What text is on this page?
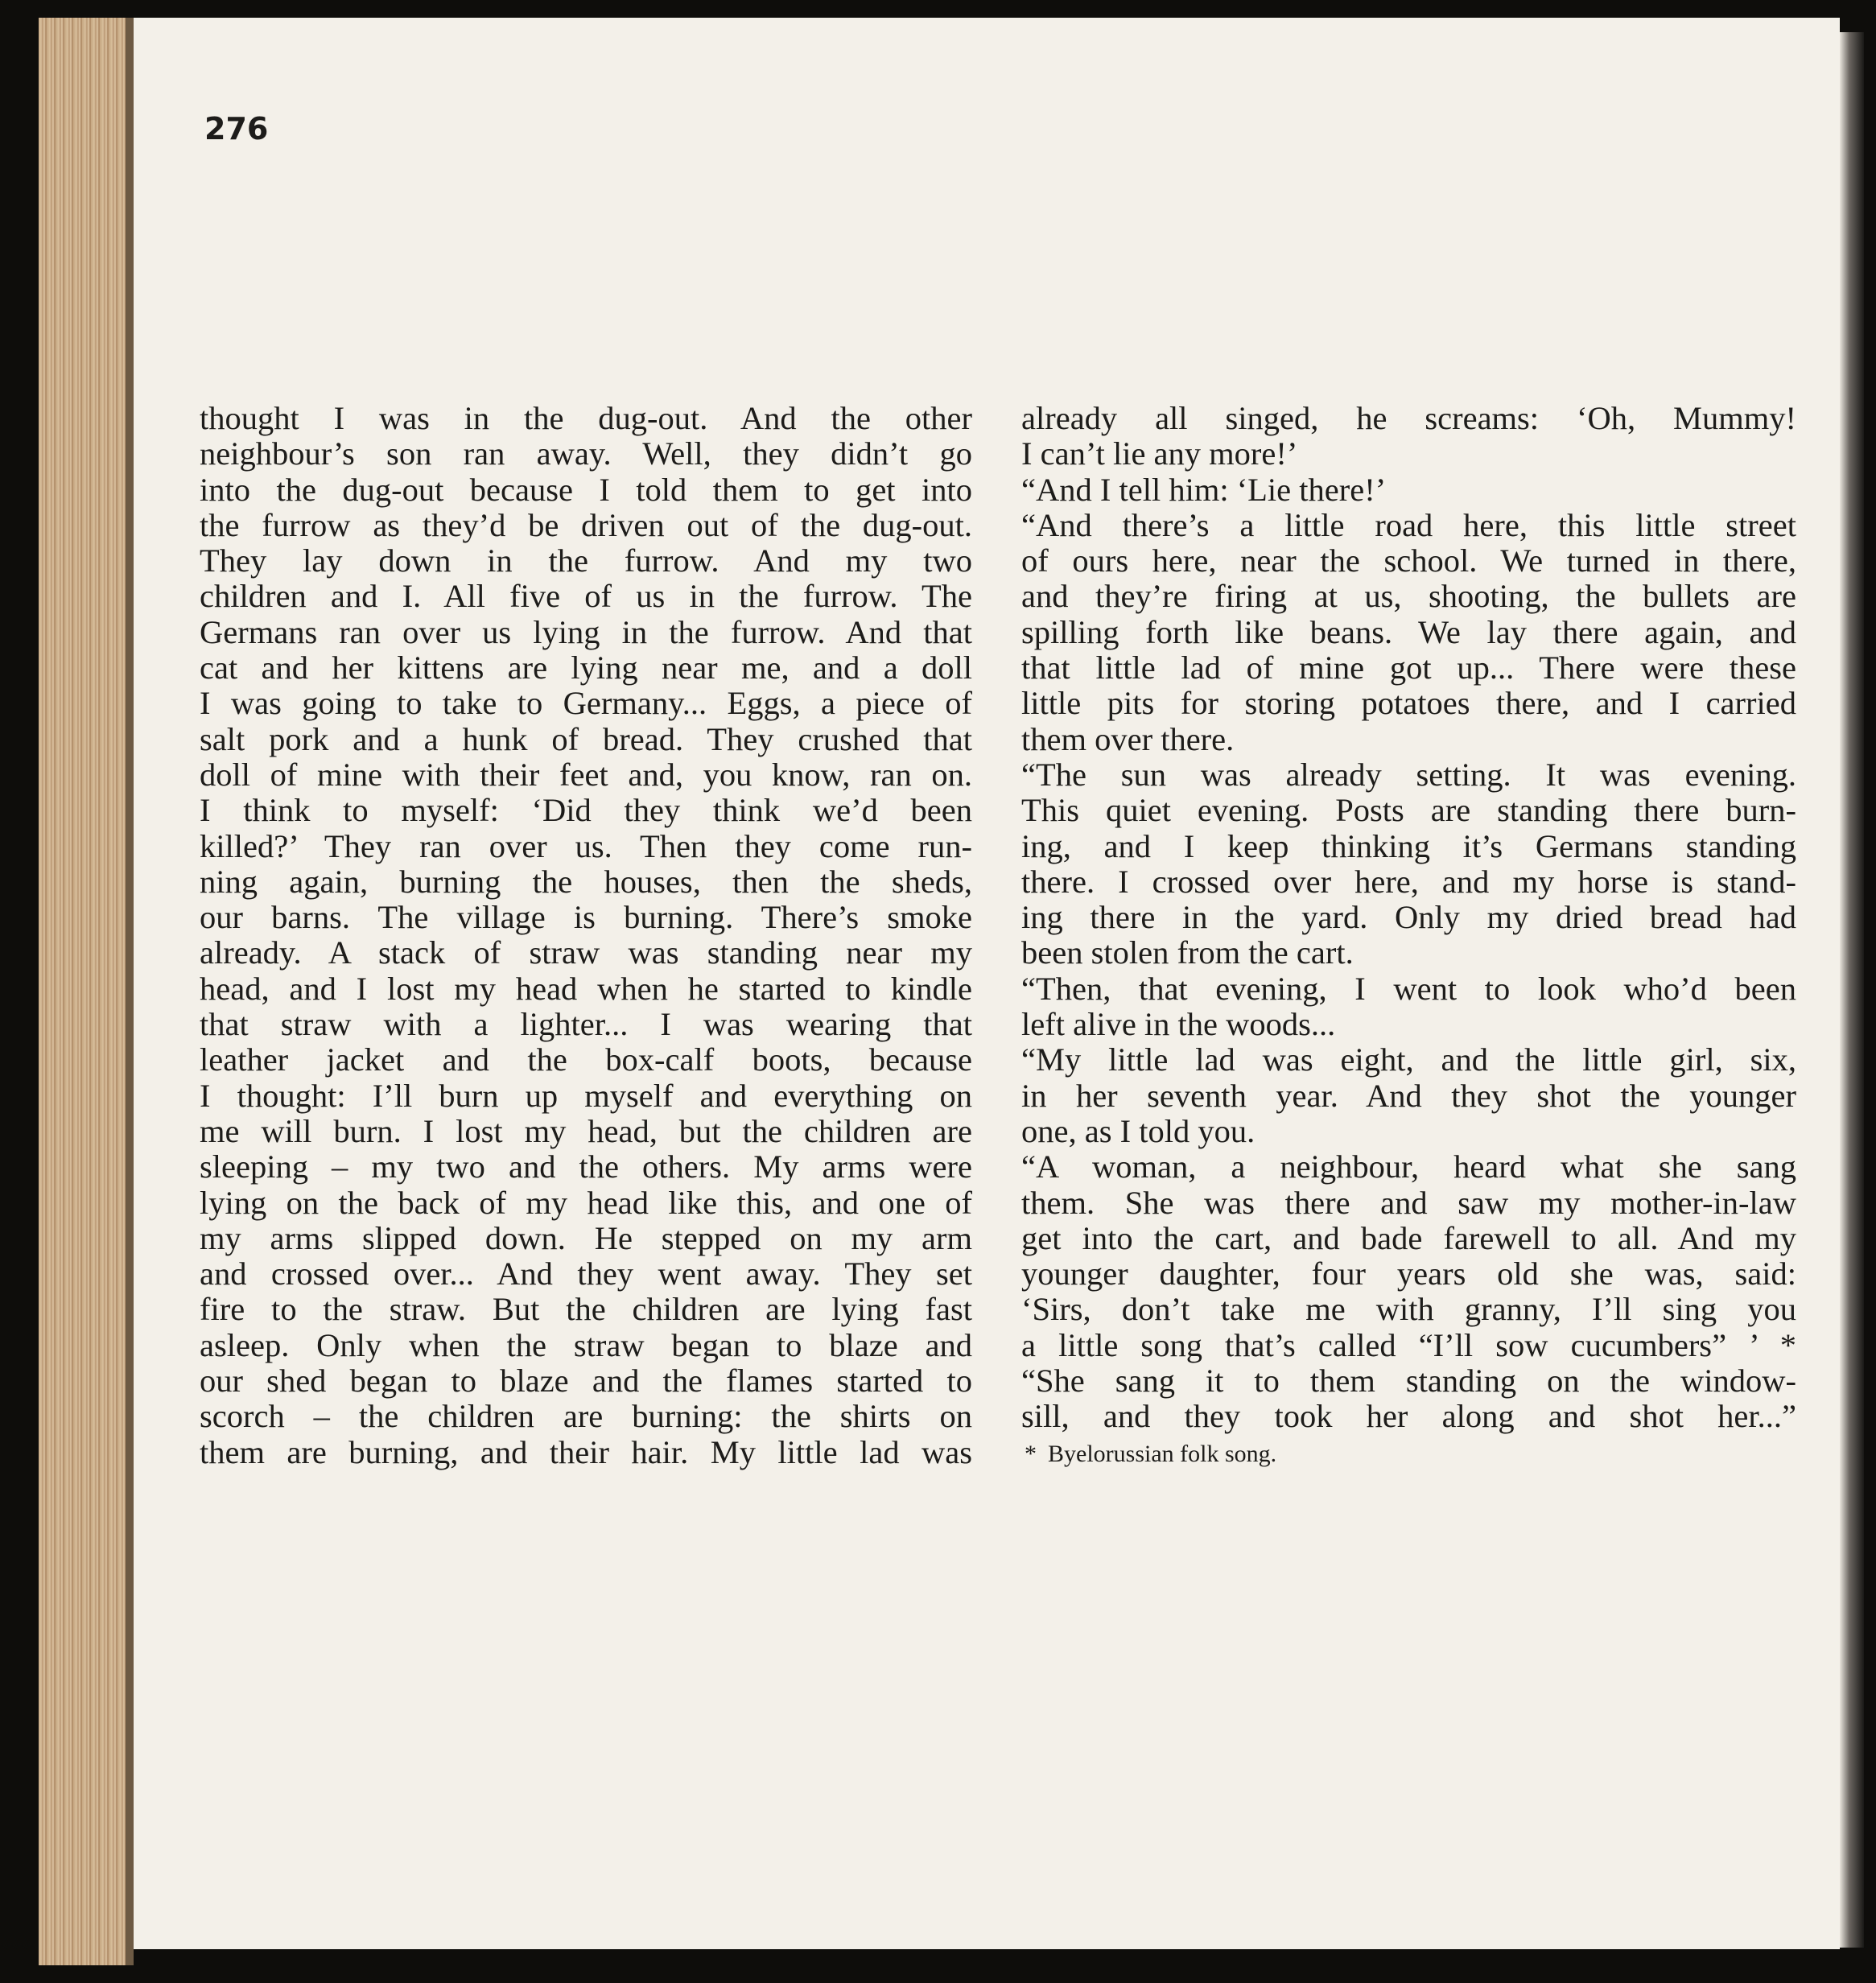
276

thought I was in the dug-out. And the other
neighbour’s son ran away. Well, they didn’t go
into the dug-out because I told them to get into
the furrow as they’d be driven out of the dug-out.
They lay down in the furrow. And my two
children and I. All five of us in the furrow. The
Germans ran over us lying in the furrow. And that
cat and her kittens are lying near me, and a doll
I was going to take to Germany... Eggs, a piece of
salt pork and a hunk of bread. They crushed that
doll of mine with their feet and, you know, ran on.
I think to myself: ‘Did they think we’d been
killed?’ They ran over us. Then they come run-
ning again, burning the houses, then the sheds,
our barns. The village is burning. There’s smoke
already. A stack of straw was standing near my
head, and I lost my head when he started to kindle
that straw with a lighter... I was wearing that
leather jacket and the box-calf boots, because
I thought: I’ll burn up myself and everything on
me will burn. I lost my head, but the children are
sleeping – my two and the others. My arms were
lying on the back of my head like this, and one of
my arms slipped down. He stepped on my arm
and crossed over... And they went away. They set
fire to the straw. But the children are lying fast
asleep. Only when the straw began to blaze and
our shed began to blaze and the flames started to
scorch – the children are burning: the shirts on
them are burning, and their hair. My little lad was
already all singed, he screams: ‘Oh, Mummy!
I can’t lie any more!’
“And I tell him: ‘Lie there!’
“And there’s a little road here, this little street
of ours here, near the school. We turned in there,
and they’re firing at us, shooting, the bullets are
spilling forth like beans. We lay there again, and
that little lad of mine got up... There were these
little pits for storing potatoes there, and I carried
them over there.
“The sun was already setting. It was evening.
This quiet evening. Posts are standing there burn-
ing, and I keep thinking it’s Germans standing
there. I crossed over here, and my horse is stand-
ing there in the yard. Only my dried bread had
been stolen from the cart.
“Then, that evening, I went to look who’d been
left alive in the woods...
“My little lad was eight, and the little girl, six,
in her seventh year. And they shot the younger
one, as I told you.
“A woman, a neighbour, heard what she sang
them. She was there and saw my mother-in-law
get into the cart, and bade farewell to all. And my
younger daughter, four years old she was, said:
‘Sirs, don’t take me with granny, I’ll sing you
a little song that’s called “I’ll sow cucumbers” ’ *
“She sang it to them standing on the window-
sill, and they took her along and shot her...”
* Byelorussian folk song.
